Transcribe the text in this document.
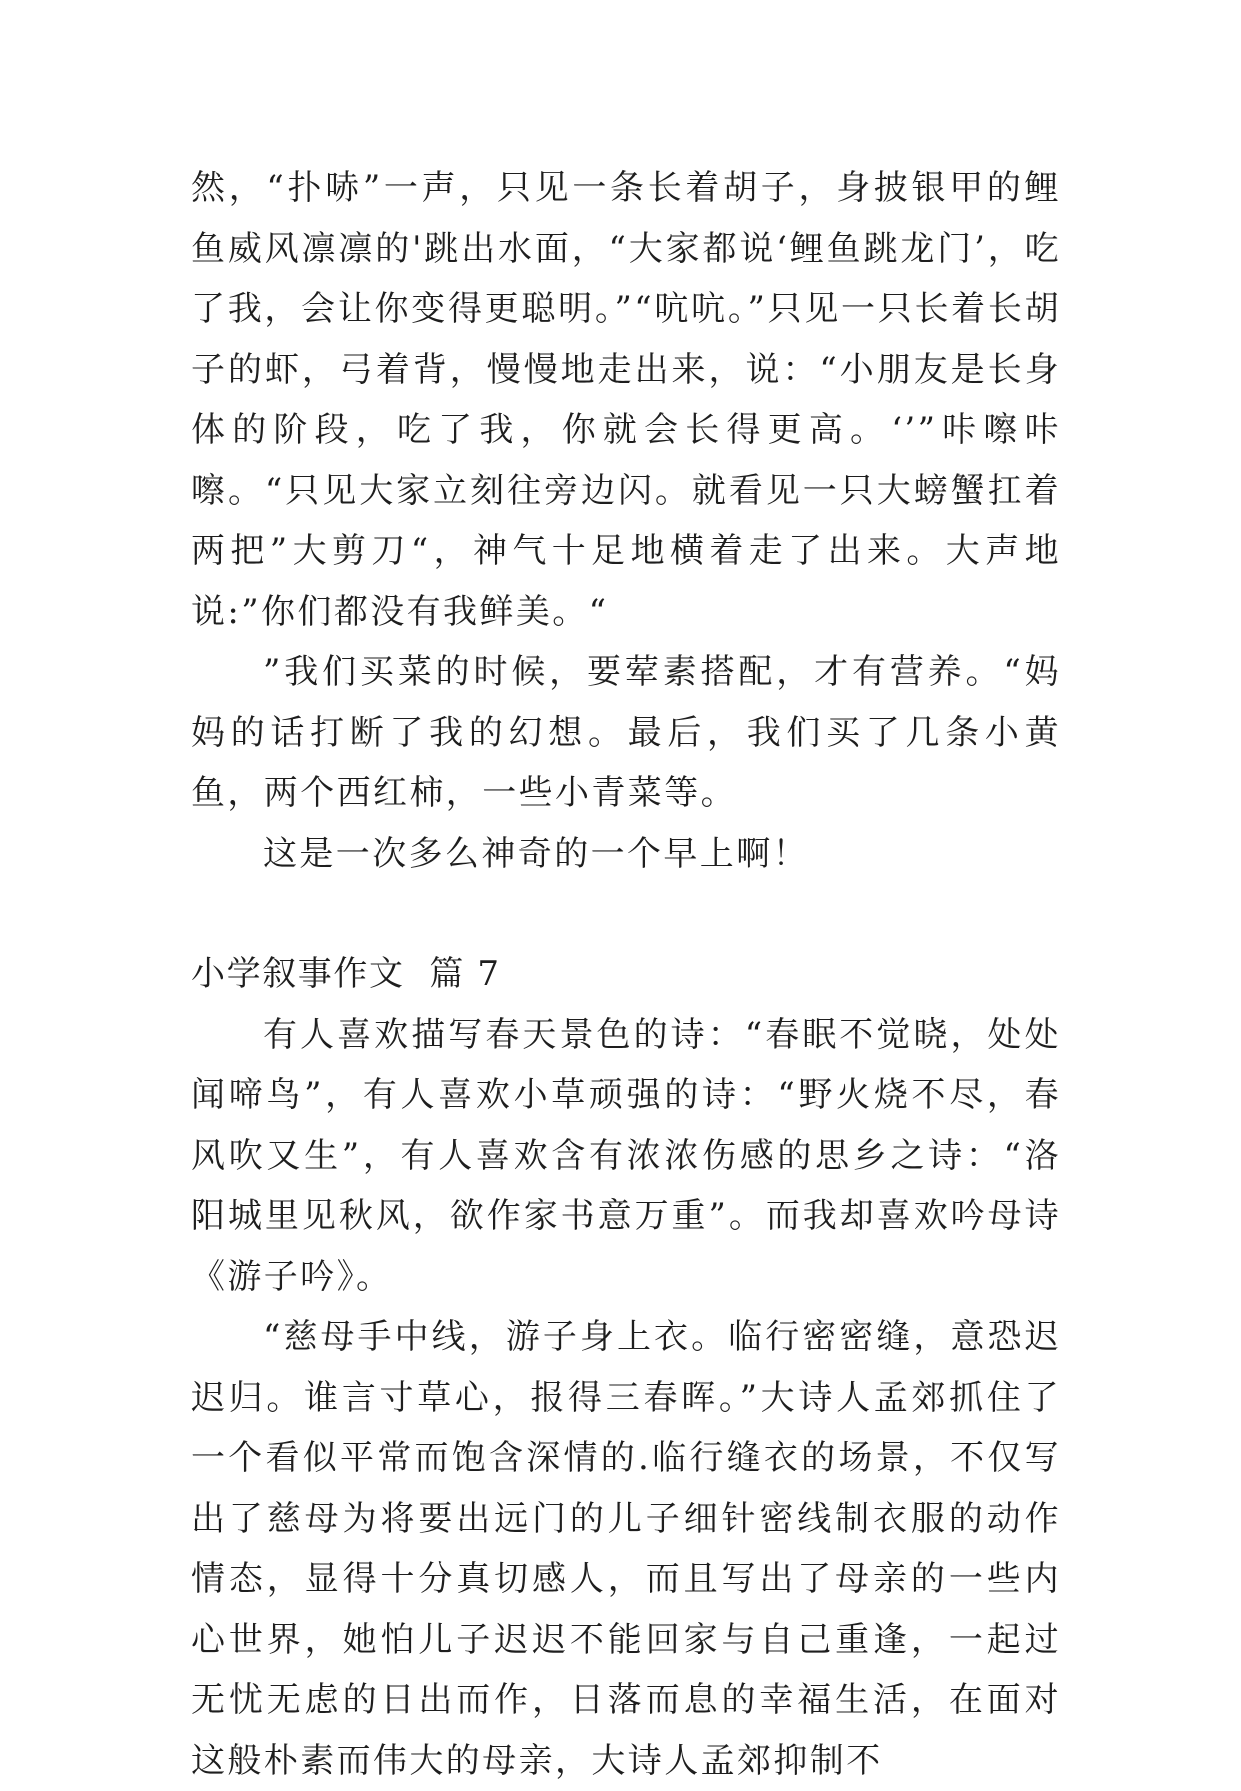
然，“扑哧”一声，只见一条长着胡子，身披银甲的鲤鱼威风凛凛的'跳出水面，“大家都说‘鲤鱼跳龙门’，吃了我，会让你变得更聪明。”“吭吭。”只见一只长着长胡子的虾，弓着背，慢慢地走出来，说：“小朋友是长身体的阶段，吃了我，你就会长得更高。‘’”咔嚓咔嚓。“只见大家立刻往旁边闪。就看见一只大螃蟹扛着两把”大剪刀“，神气十足地横着走了出来。大声地说:”你们都没有我鲜美。“

”我们买菜的时候，要荤素搭配，才有营养。“妈妈的话打断了我的幻想。最后，我们买了几条小黄鱼，两个西红柿，一些小青菜等。

这是一次多么神奇的一个早上啊！

小学叙事作文  篇 7

有人喜欢描写春天景色的诗：“春眠不觉晓，处处闻啼鸟”，有人喜欢小草顽强的诗：“野火烧不尽，春风吹又生”，有人喜欢含有浓浓伤感的思乡之诗：“洛阳城里见秋风，欲作家书意万重”。而我却喜欢吟母诗《游子吟》。

“慈母手中线，游子身上衣。临行密密缝，意恐迟迟归。谁言寸草心，报得三春晖。”大诗人孟郊抓住了一个看似平常而饱含深情的.临行缝衣的场景，不仅写出了慈母为将要出远门的儿子细针密线制衣服的动作情态，显得十分真切感人，而且写出了母亲的一些内心世界，她怕儿子迟迟不能回家与自己重逢，一起过无忧无虑的日出而作，日落而息的幸福生活，在面对这般朴素而伟大的母亲，大诗人孟郊抑制不
